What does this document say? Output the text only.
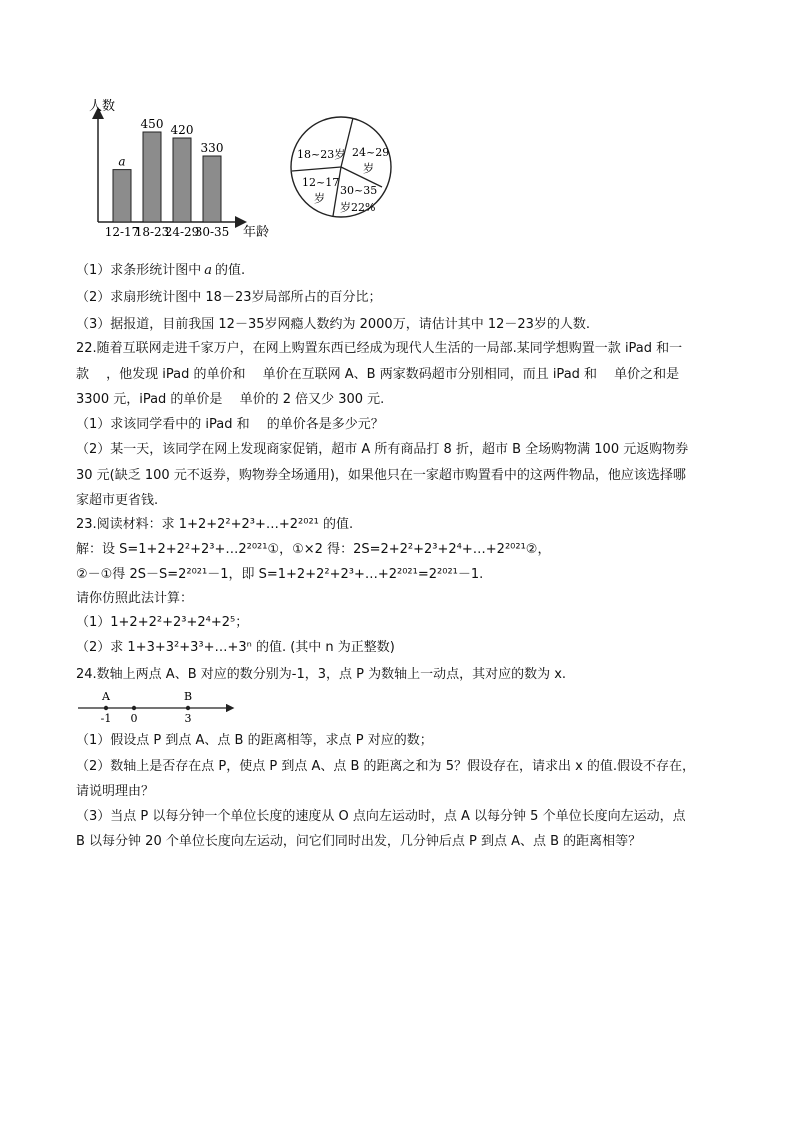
人数
年龄
a
12-17
450
18-23
420
24-29
330
30-35
18~23岁 24~29
岁
12~17
岁
30~35
岁22%
（1）求条形统计图中 a 的值.
（2）求扇形统计图中 18－23岁局部所占的百分比；
（3）据报道，目前我国 12－35岁网瘾人数约为 2000万，请估计其中 12－23岁的人数.
22.随着互联网走进千家万户，在网上购置东西已经成为现代人生活的一局部.某同学想购置一款 iPad 和一
款　 ，他发现 iPad 的单价和　 单价在互联网 A、B 两家数码超市分别相同，而且 iPad 和　 单价之和是
3300 元，iPad 的单价是　 单价的 2 倍又少 300 元.
（1）求该同学看中的 iPad 和　 的单价各是多少元？
（2）某一天，该同学在网上发现商家促销，超市 A 所有商品打 8 折，超市 B 全场购物满 100 元返购物券
30 元(缺乏 100 元不返券，购物券全场通用)，如果他只在一家超市购置看中的这两件物品，他应该选择哪
家超市更省钱.
23.阅读材料：求 1+2+2²+2³+…+2²⁰²¹ 的值.
解：设 S=1+2+2²+2³+…2²⁰²¹①，①×2 得：2S=2+2²+2³+2⁴+…+2²⁰²¹②，
②－①得 2S－S=2²⁰²¹－1，即 S=1+2+2²+2³+…+2²⁰²¹=2²⁰²¹－1.
请你仿照此法计算：
（1）1+2+2²+2³+2⁴+2⁵；
（2）求 1+3+3²+3³+…+3ⁿ 的值. (其中 n 为正整数)
24.数轴上两点 A、B 对应的数分别为-1，3，点 P 为数轴上一动点，其对应的数为 x.
A
-1 0
B
3
（1）假设点 P 到点 A、点 B 的距离相等，求点 P 对应的数；
（2）数轴上是否存在点 P，使点 P 到点 A、点 B 的距离之和为 5？假设存在，请求出 x 的值.假设不存在，
请说明理由？
（3）当点 P 以每分钟一个单位长度的速度从 O 点向左运动时，点 A 以每分钟 5 个单位长度向左运动，点
B 以每分钟 20 个单位长度向左运动，问它们同时出发，几分钟后点 P 到点 A、点 B 的距离相等？
